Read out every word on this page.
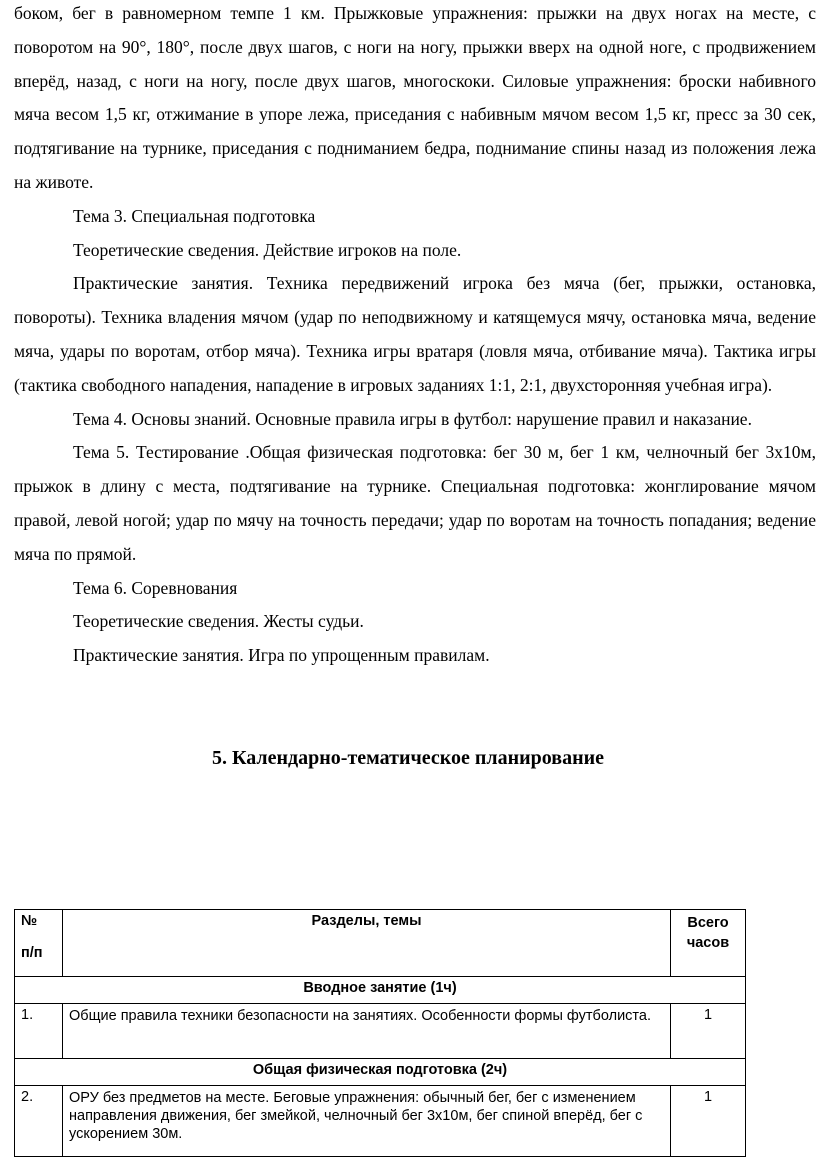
боком, бег в равномерном темпе 1 км. Прыжковые упражнения: прыжки на двух ногах на месте, с поворотом на 90°, 180°, после двух шагов, с ноги на ногу, прыжки вверх на одной ноге, с продвижением вперёд, назад, с ноги на ногу, после двух шагов, многоскоки. Силовые упражнения: броски набивного мяча весом 1,5 кг, отжимание в упоре лежа, приседания с набивным мячом весом 1,5 кг, пресс за 30 сек, подтягивание на турнике, приседания с подниманием бедра, поднимание спины назад из положения лежа на животе.

Тема 3. Специальная подготовка

Теоретические сведения. Действие игроков на поле.

Практические занятия. Техника передвижений игрока без мяча (бег, прыжки, остановка, повороты). Техника владения мячом (удар по неподвижному и катящемуся мячу, остановка мяча, ведение мяча, удары по воротам, отбор мяча). Техника игры вратаря (ловля мяча, отбивание мяча). Тактика игры (тактика свободного нападения, нападение в игровых заданиях 1:1, 2:1, двухсторонняя учебная игра).

Тема 4. Основы знаний. Основные правила игры в футбол: нарушение правил и наказание.

Тема 5. Тестирование .Общая физическая подготовка: бег 30 м, бег 1 км, челночный бег 3х10м, прыжок в длину с места, подтягивание на турнике. Специальная подготовка: жонглирование мячом правой, левой ногой; удар по мячу на точность передачи; удар по воротам на точность попадания; ведение мяча по прямой.

Тема 6. Соревнования

Теоретические сведения. Жесты судьи.

Практические занятия. Игра по упрощенным правилам.

5. Календарно-тематическое планирование
№
п/п	Разделы, темы	Всего часов
Вводное занятие (1ч)		
1.	Общие правила техники безопасности на занятиях. Особенности формы футболиста.	1
Общая физическая подготовка (2ч)		
2.	ОРУ без предметов на месте. Беговые упражнения: обычный бег, бег с изменением направления движения, бег змейкой, челночный бег 3х10м, бег спиной вперёд, бег с ускорением 30м.	1
